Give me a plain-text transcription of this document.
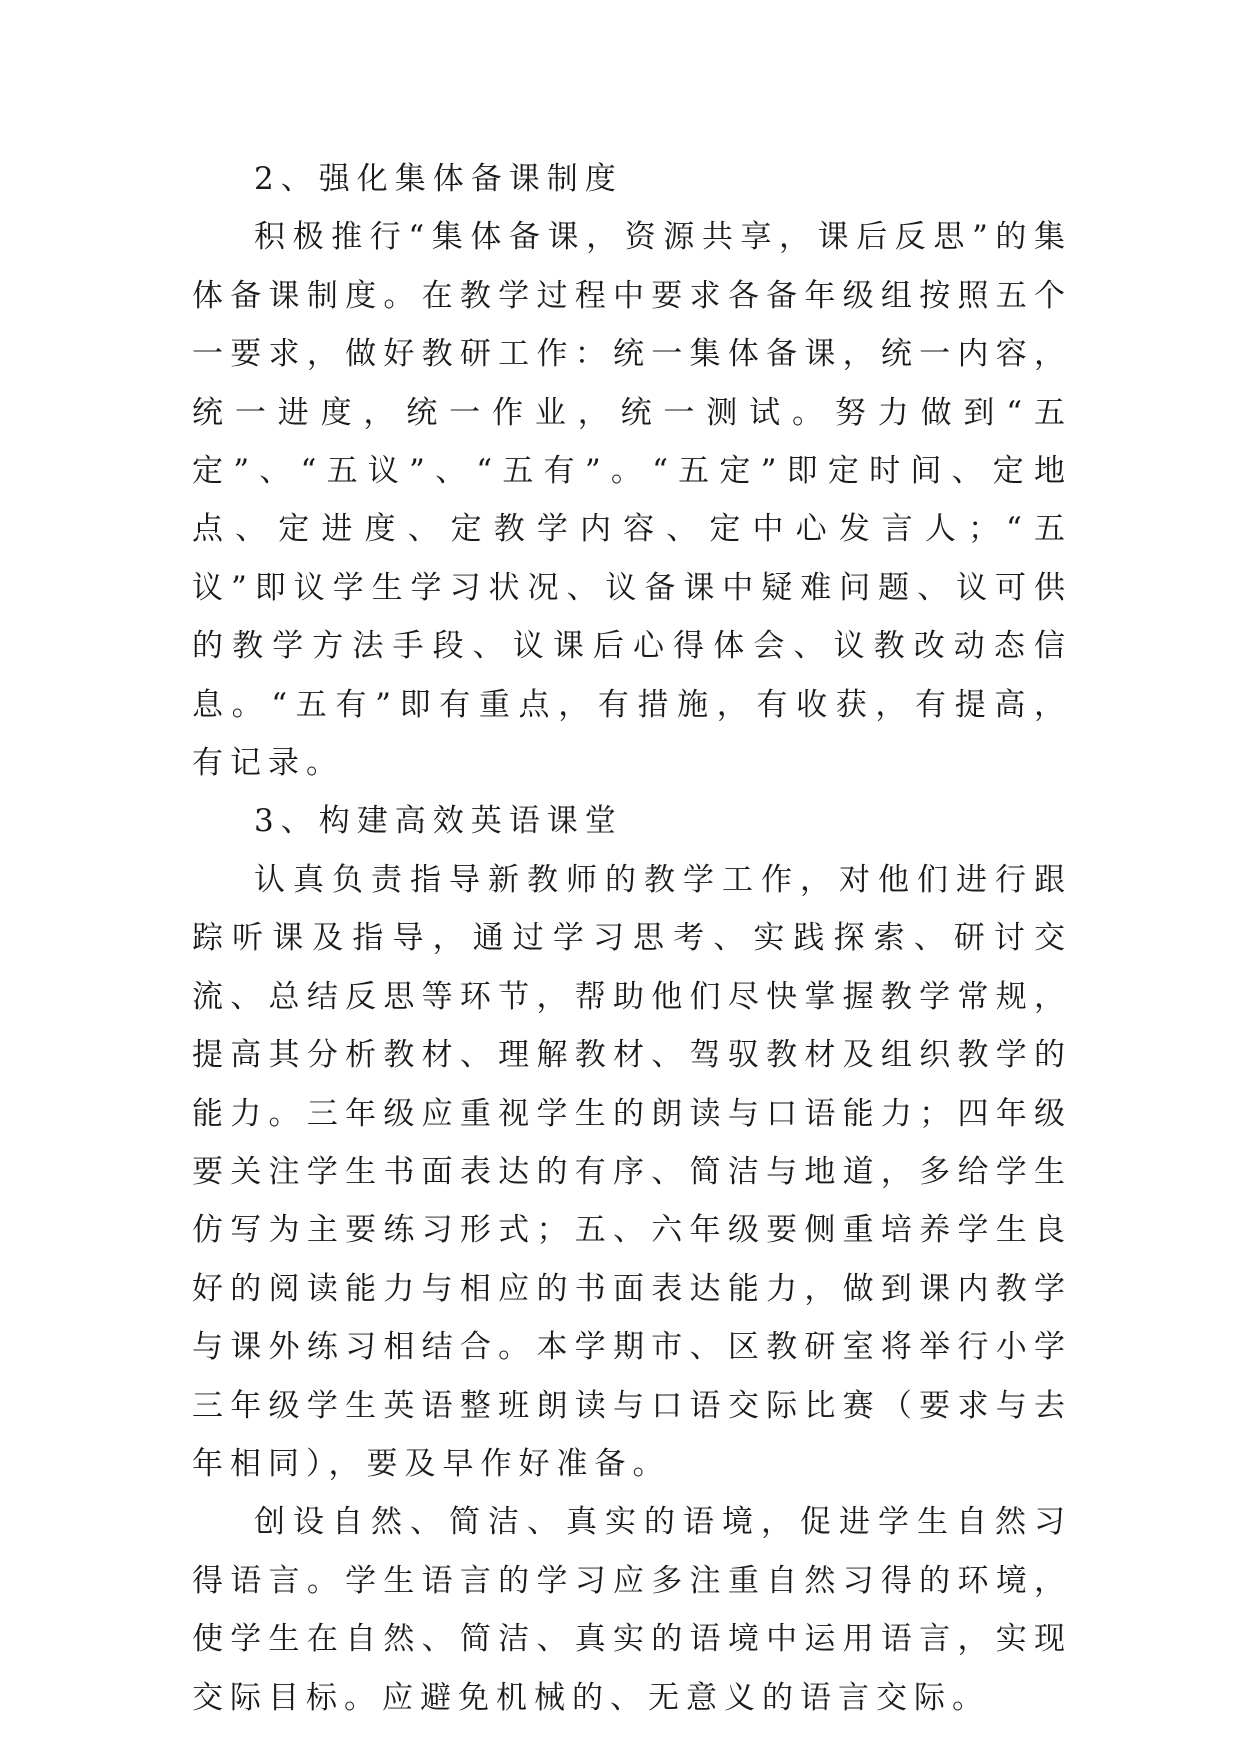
2、强化集体备课制度

积极推行“集体备课，资源共享，课后反思”的集体备课制度。在教学过程中要求各备年级组按照五个一要求，做好教研工作：统一集体备课，统一内容，统一进度，统一作业，统一测试。努力做到“五定”、“五议”、“五有”。“五定”即定时间、定地点、定进度、定教学内容、定中心发言人；“五议”即议学生学习状况、议备课中疑难问题、议可供的教学方法手段、议课后心得体会、议教改动态信息。“五有”即有重点，有措施，有收获，有提高，有记录。

3、构建高效英语课堂

认真负责指导新教师的教学工作，对他们进行跟踪听课及指导，通过学习思考、实践探索、研讨交流、总结反思等环节，帮助他们尽快掌握教学常规，提高其分析教材、理解教材、驾驭教材及组织教学的能力。三年级应重视学生的朗读与口语能力；四年级要关注学生书面表达的有序、简洁与地道，多给学生仿写为主要练习形式；五、六年级要侧重培养学生良好的阅读能力与相应的书面表达能力，做到课内教学与课外练习相结合。本学期市、区教研室将举行小学三年级学生英语整班朗读与口语交际比赛（要求与去年相同），要及早作好准备。

创设自然、简洁、真实的语境，促进学生自然习得语言。学生语言的学习应多注重自然习得的环境，使学生在自然、简洁、真实的语境中运用语言，实现交际目标。应避免机械的、无意义的语言交际。
